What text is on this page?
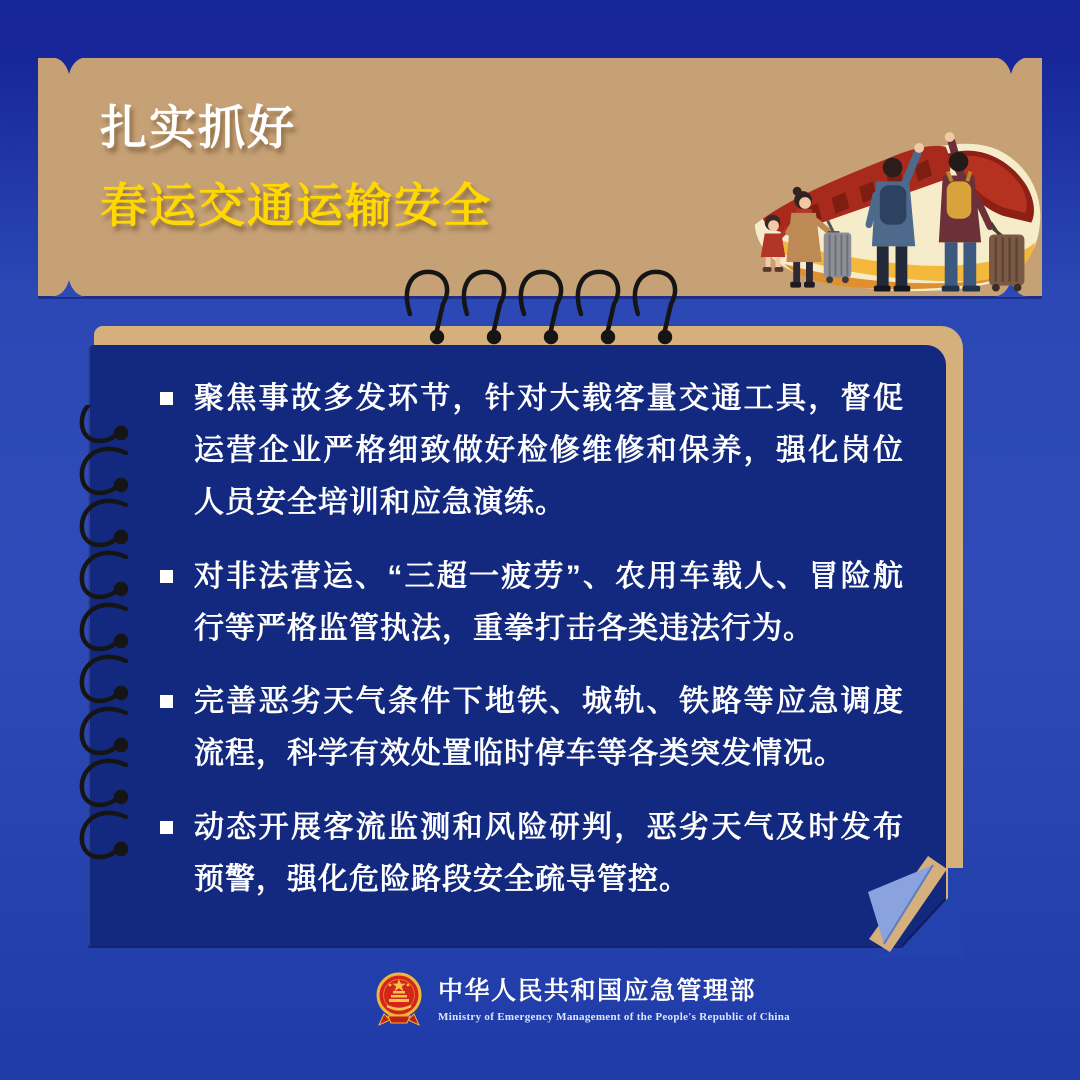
扎实抓好
春运交通运输安全
聚焦事故多发环节，针对大载客量交通工具，督促运营企业严格细致做好检修维修和保养，强化岗位人员安全培训和应急演练。
对非法营运、“三超一疲劳”、农用车载人、冒险航行等严格监管执法，重拳打击各类违法行为。
完善恶劣天气条件下地铁、城轨、铁路等应急调度流程，科学有效处置临时停车等各类突发情况。
动态开展客流监测和风险研判，恶劣天气及时发布预警，强化危险路段安全疏导管控。
中华人民共和国应急管理部
Ministry of Emergency Management of the People's Republic of China
